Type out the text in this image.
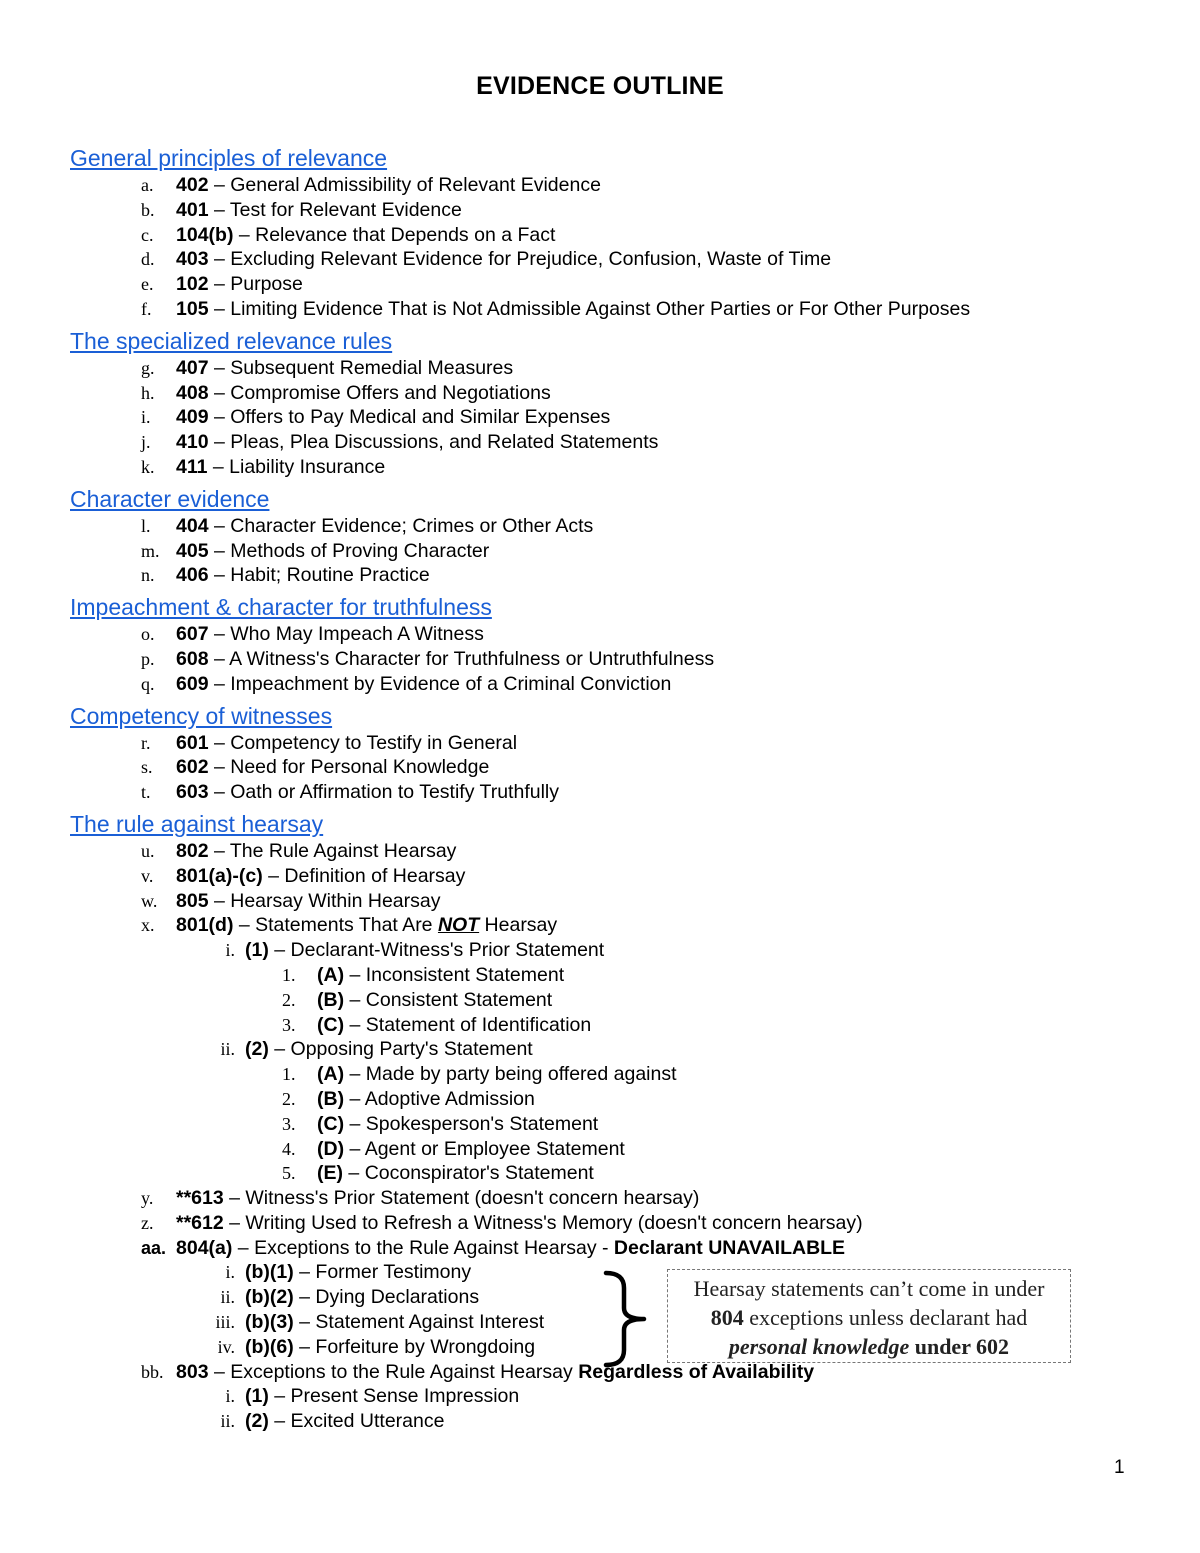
EVIDENCE OUTLINE
General principles of relevance
a. 402 – General Admissibility of Relevant Evidence
b. 401 – Test for Relevant Evidence
c. 104(b) – Relevance that Depends on a Fact
d. 403 – Excluding Relevant Evidence for Prejudice, Confusion, Waste of Time
e. 102 – Purpose
f. 105 – Limiting Evidence That is Not Admissible Against Other Parties or For Other Purposes
The specialized relevance rules
g. 407 – Subsequent Remedial Measures
h. 408 – Compromise Offers and Negotiations
i. 409 – Offers to Pay Medical and Similar Expenses
j. 410 – Pleas, Plea Discussions, and Related Statements
k. 411 – Liability Insurance
Character evidence
l. 404 – Character Evidence; Crimes or Other Acts
m. 405 – Methods of Proving Character
n. 406 – Habit; Routine Practice
Impeachment & character for truthfulness
o. 607 – Who May Impeach A Witness
p. 608 – A Witness's Character for Truthfulness or Untruthfulness
q. 609 – Impeachment by Evidence of a Criminal Conviction
Competency of witnesses
r. 601 – Competency to Testify in General
s. 602 – Need for Personal Knowledge
t. 603 – Oath or Affirmation to Testify Truthfully
The rule against hearsay
u. 802 – The Rule Against Hearsay
v. 801(a)-(c) – Definition of Hearsay
w. 805 – Hearsay Within Hearsay
x. 801(d) – Statements That Are NOT Hearsay
i. (1) – Declarant-Witness's Prior Statement
1. (A) – Inconsistent Statement
2. (B) – Consistent Statement
3. (C) – Statement of Identification
ii. (2) – Opposing Party's Statement
1. (A) – Made by party being offered against
2. (B) – Adoptive Admission
3. (C) – Spokesperson's Statement
4. (D) – Agent or Employee Statement
5. (E) – Coconspirator's Statement
y. **613 – Witness's Prior Statement (doesn't concern hearsay)
z. **612 – Writing Used to Refresh a Witness's Memory (doesn't concern hearsay)
aa. 804(a) – Exceptions to the Rule Against Hearsay - Declarant UNAVAILABLE
i. (b)(1) – Former Testimony
ii. (b)(2) – Dying Declarations
iii. (b)(3) – Statement Against Interest
iv. (b)(6) – Forfeiture by Wrongdoing
bb. 803 – Exceptions to the Rule Against Hearsay Regardless of Availability
i. (1) – Present Sense Impression
ii. (2) – Excited Utterance
Hearsay statements can’t come in under
804 exceptions unless declarant had
personal knowledge under 602
1
